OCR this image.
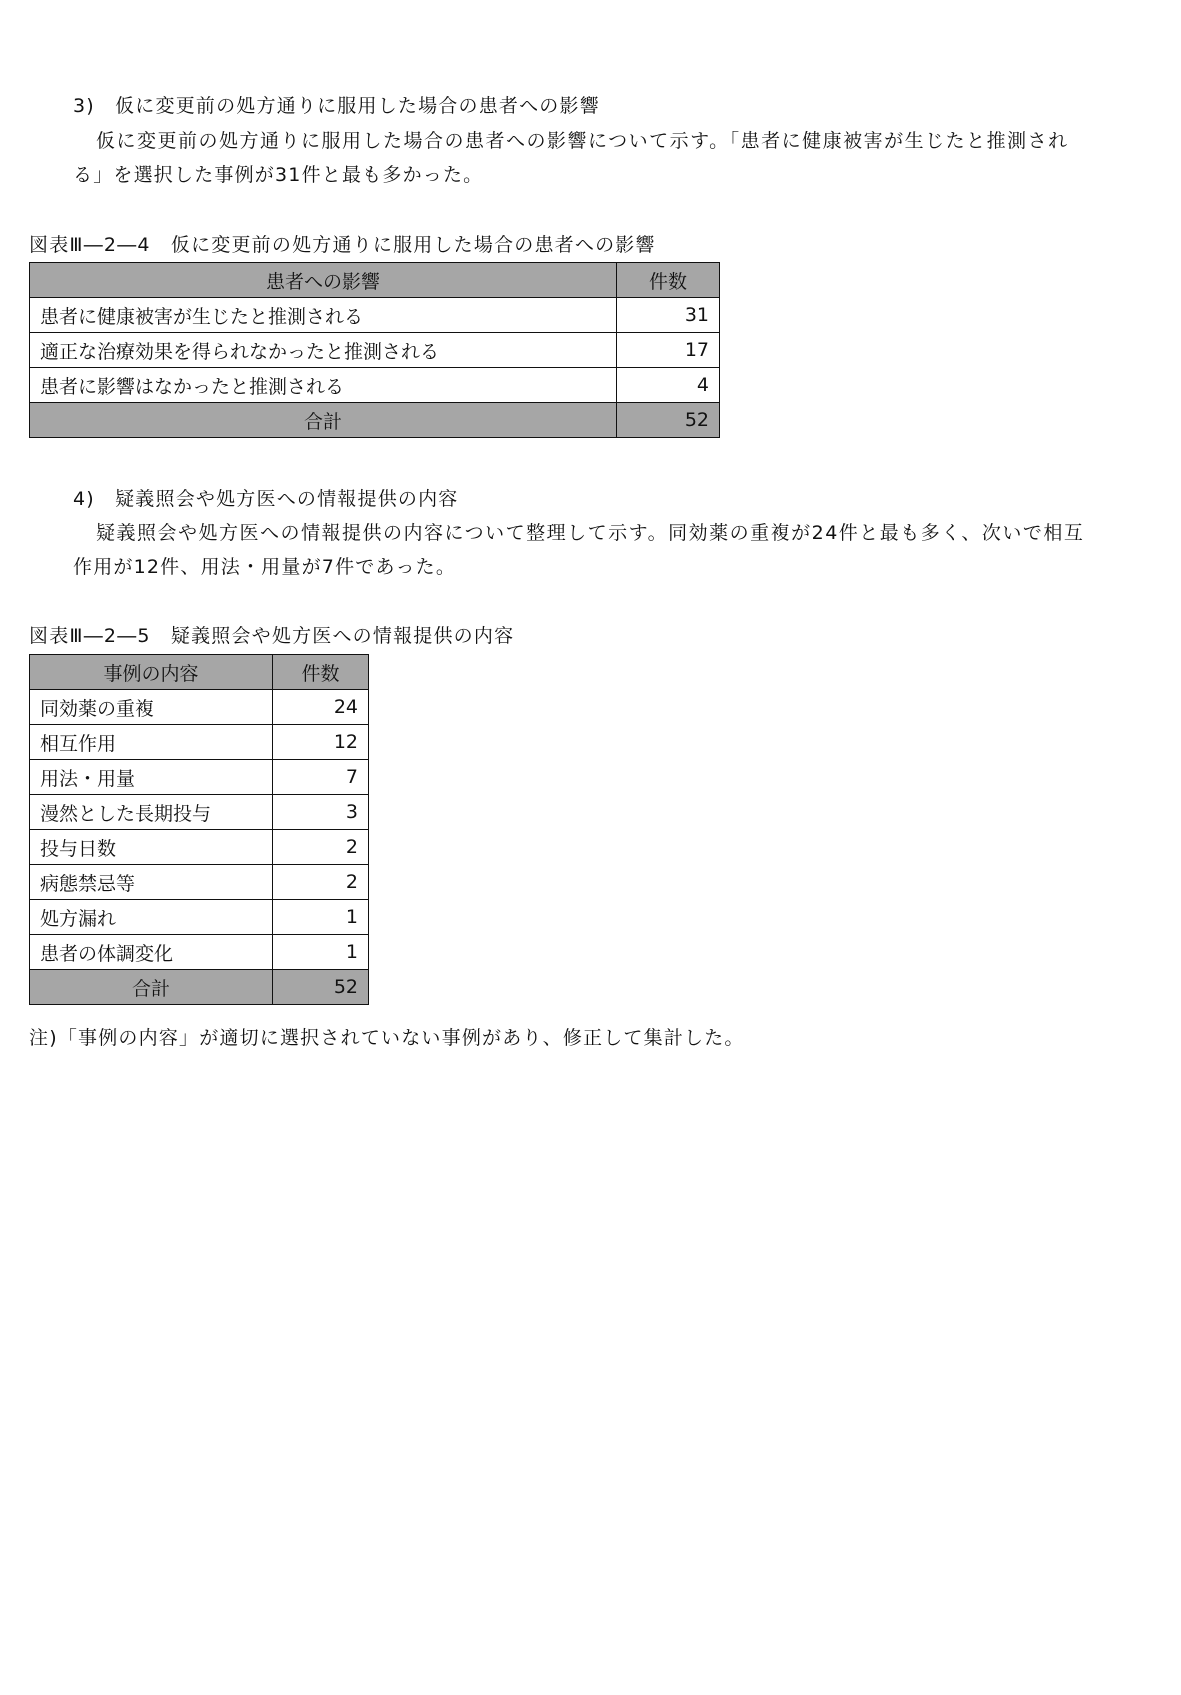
3)　仮に変更前の処方通りに服用した場合の患者への影響
仮に変更前の処方通りに服用した場合の患者への影響について示す。「患者に健康被害が生じたと推測され
る」を選択した事例が31件と最も多かった。
図表Ⅲ―2―4　仮に変更前の処方通りに服用した場合の患者への影響
患者への影響	件数
患者に健康被害が生じたと推測される	31
適正な治療効果を得られなかったと推測される	17
患者に影響はなかったと推測される	4
合計	52
4)　疑義照会や処方医への情報提供の内容
疑義照会や処方医への情報提供の内容について整理して示す。同効薬の重複が24件と最も多く、次いで相互
作用が12件、用法・用量が7件であった。
図表Ⅲ―2―5　疑義照会や処方医への情報提供の内容
事例の内容	件数
同効薬の重複	24
相互作用	12
用法・用量	7
漫然とした長期投与	3
投与日数	2
病態禁忌等	2
処方漏れ	1
患者の体調変化	1
合計	52
注)「事例の内容」が適切に選択されていない事例があり、修正して集計した。
